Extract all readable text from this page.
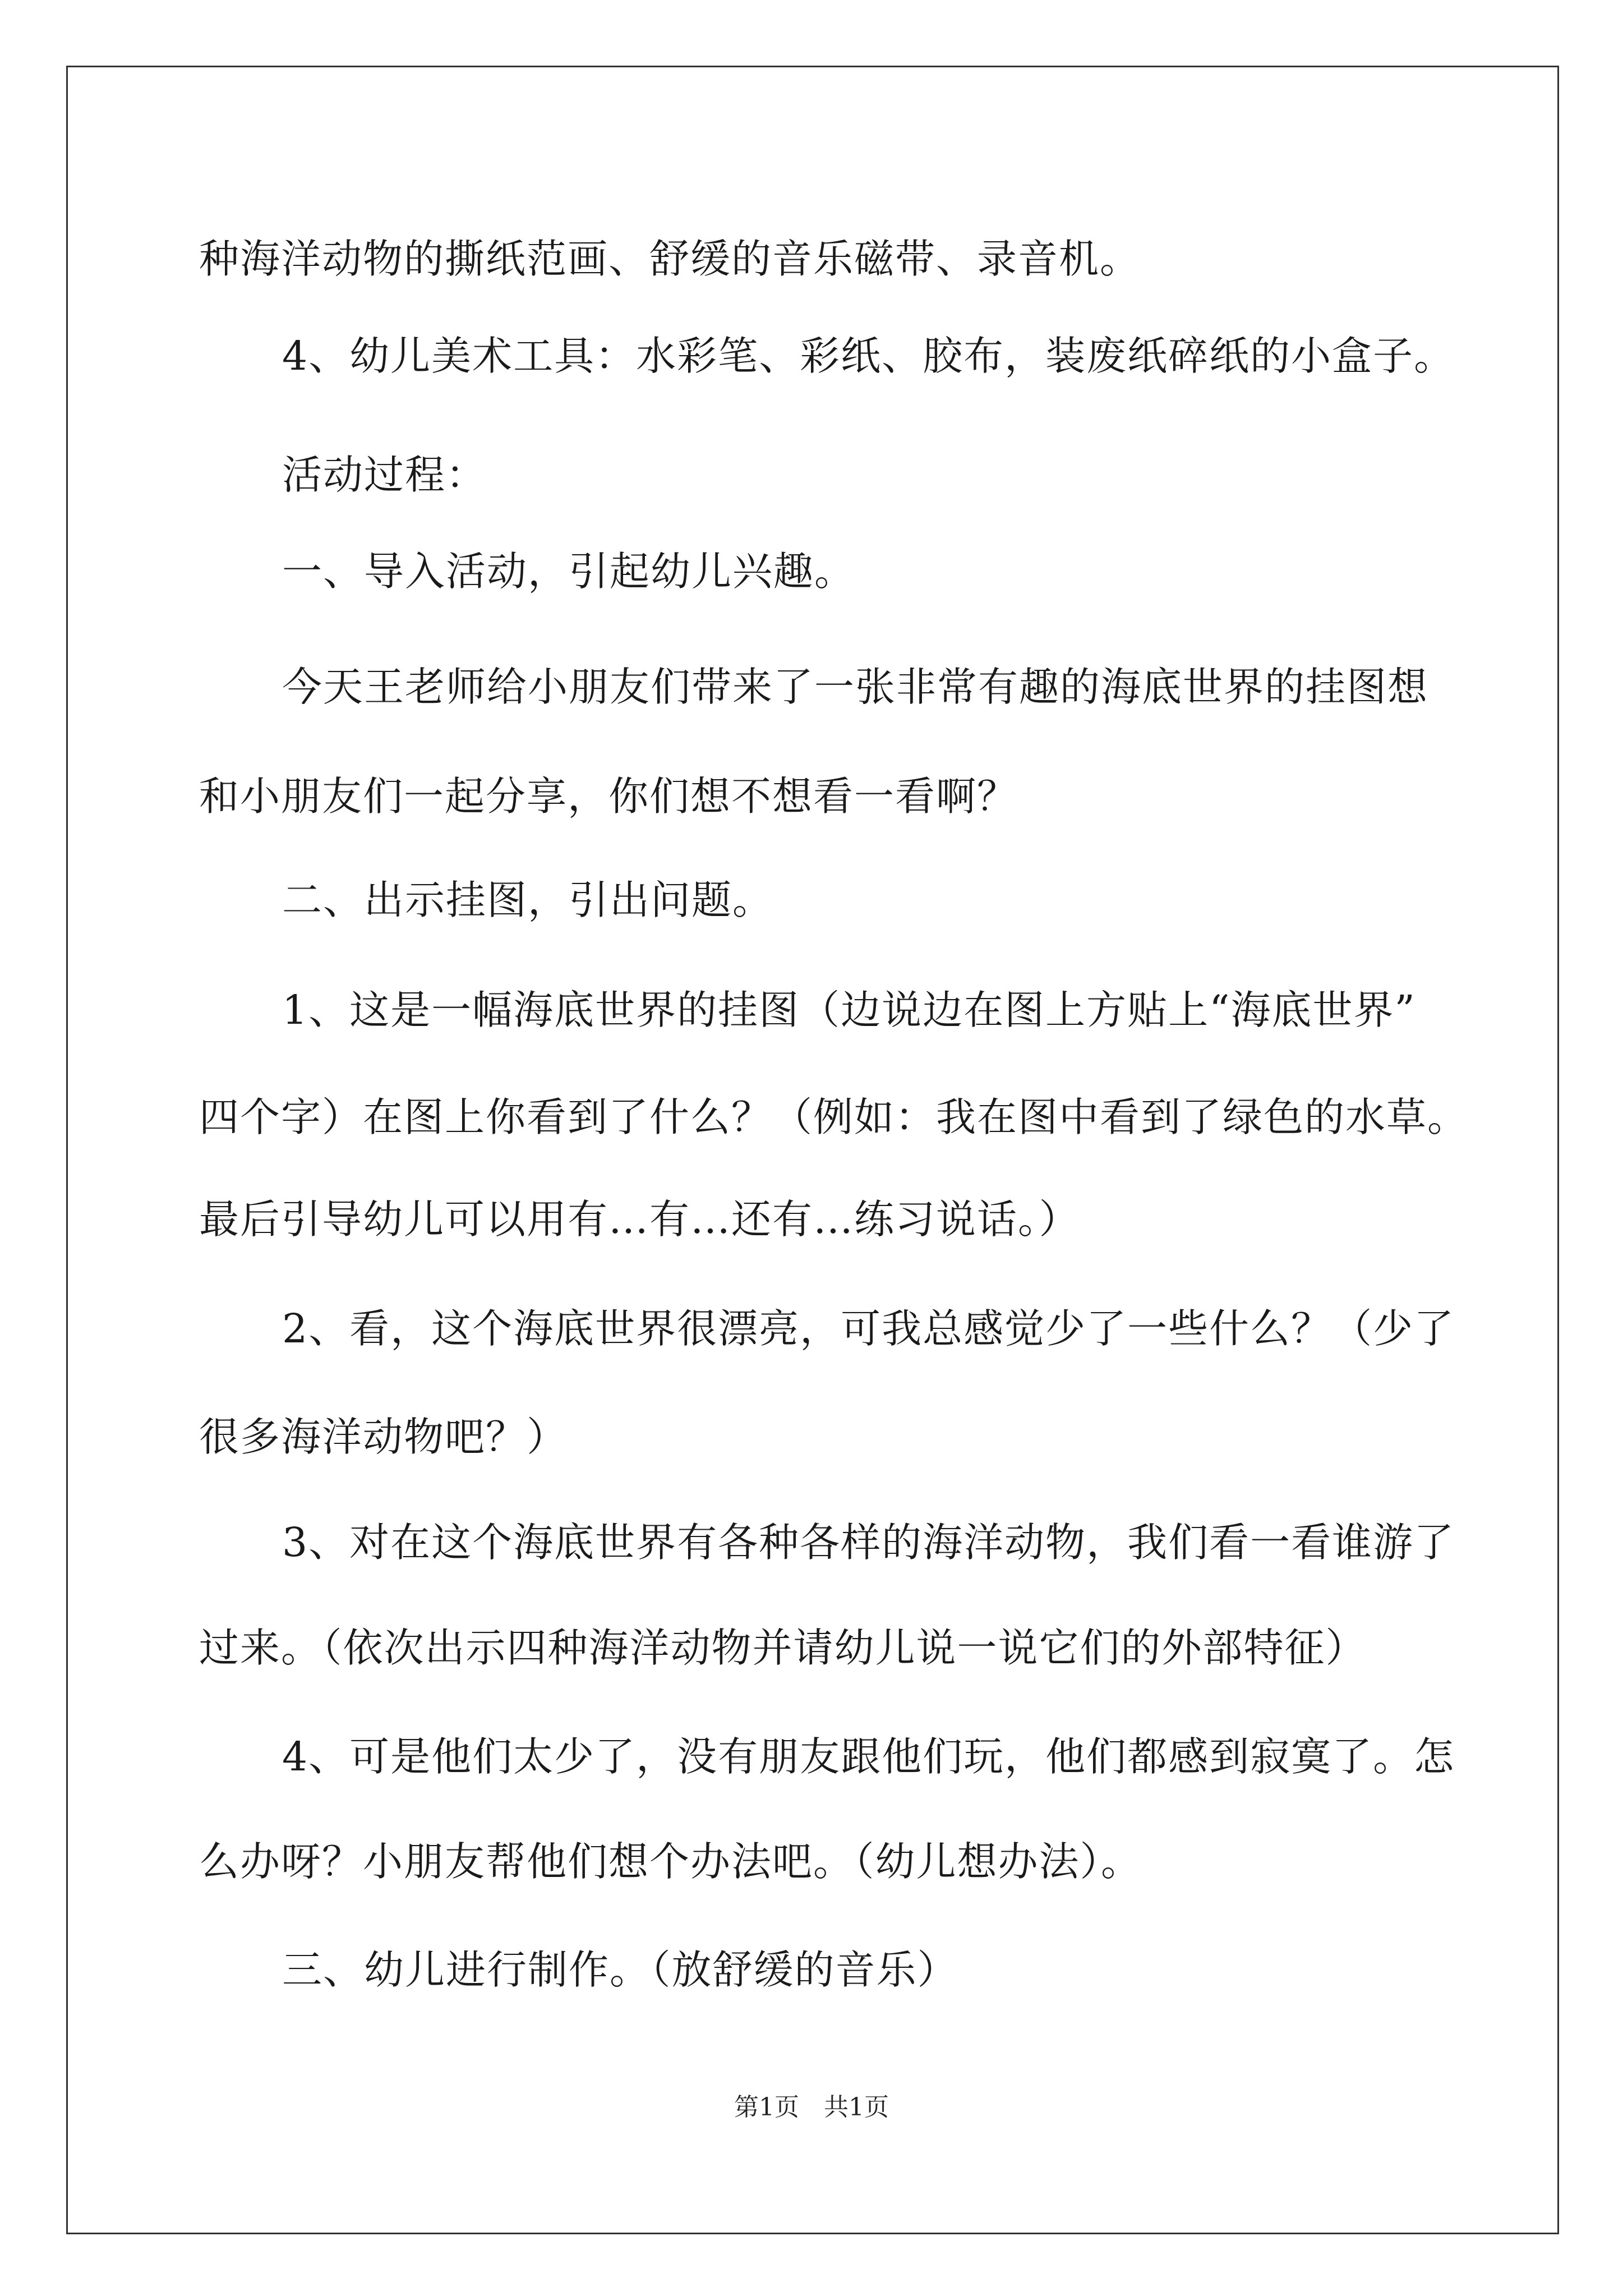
种海洋动物的撕纸范画、舒缓的音乐磁带、录音机。
4、幼儿美术工具：水彩笔、彩纸、胶布，装废纸碎纸的小盒子。
活动过程：
一、导入活动，引起幼儿兴趣。
今天王老师给小朋友们带来了一张非常有趣的海底世界的挂图想
和小朋友们一起分享，你们想不想看一看啊？
二、出示挂图，引出问题。
1、这是一幅海底世界的挂图（边说边在图上方贴上“海底世界”
四个字）在图上你看到了什么？（例如：我在图中看到了绿色的水草。
最后引导幼儿可以用有…有…还有…练习说话。）
2、看，这个海底世界很漂亮，可我总感觉少了一些什么？（少了
很多海洋动物吧？）
3、对在这个海底世界有各种各样的海洋动物，我们看一看谁游了
过来。（依次出示四种海洋动物并请幼儿说一说它们的外部特征）
4、可是他们太少了，没有朋友跟他们玩，他们都感到寂寞了。怎
么办呀？小朋友帮他们想个办法吧。（幼儿想办法）。
三、幼儿进行制作。（放舒缓的音乐）
第1页　共1页
